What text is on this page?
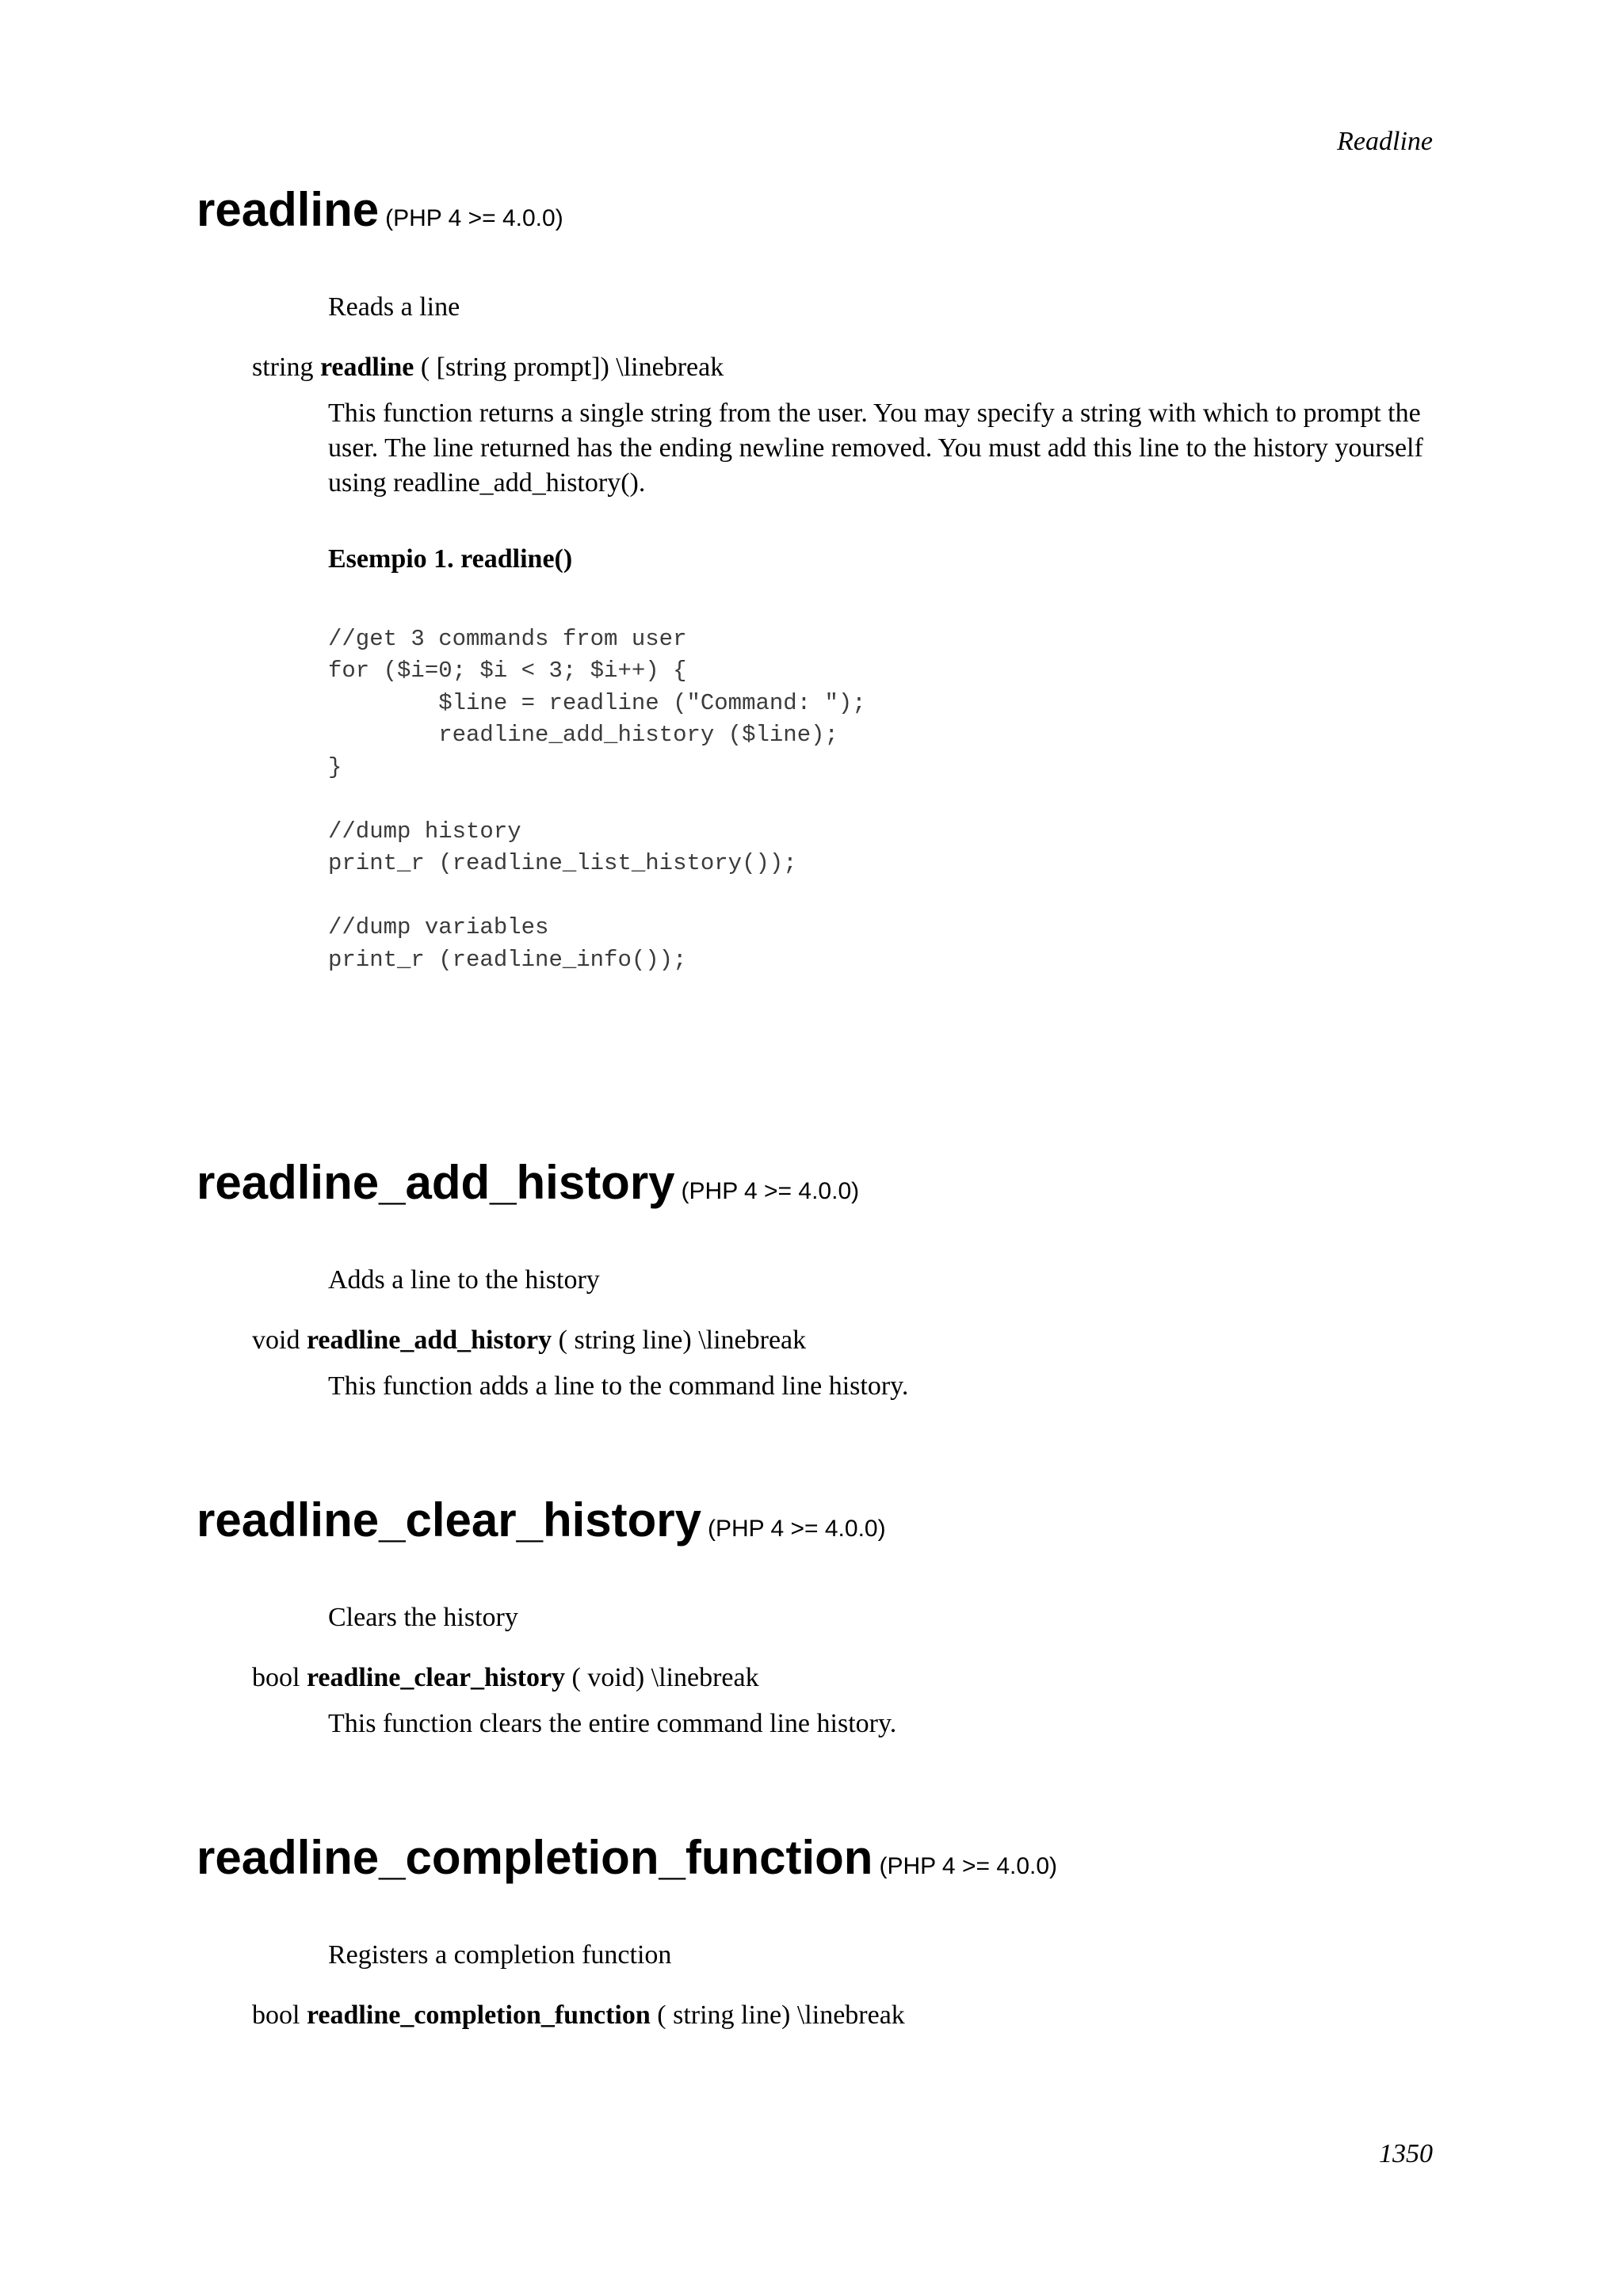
Readline

readline (PHP 4 >= 4.0.0)
Reads a line
string readline ( [string prompt]) \linebreak
This function returns a single string from the user. You may specify a string with which to prompt the user. The line returned has the ending newline removed. You must add this line to the history yourself using readline_add_history().
Esempio 1. readline()
//get 3 commands from user
for ($i=0; $i < 3; $i++) {
$line = readline ("Command: ");
readline_add_history ($line);
}
//dump history
print_r (readline_list_history());
//dump variables
print_r (readline_info());
readline_add_history (PHP 4 >= 4.0.0)
Adds a line to the history
void readline_add_history ( string line) \linebreak
This function adds a line to the command line history.
readline_clear_history (PHP 4 >= 4.0.0)
Clears the history
bool readline_clear_history ( void) \linebreak
This function clears the entire command line history.
readline_completion_function (PHP 4 >= 4.0.0)
Registers a completion function
bool readline_completion_function ( string line) \linebreak

1350
